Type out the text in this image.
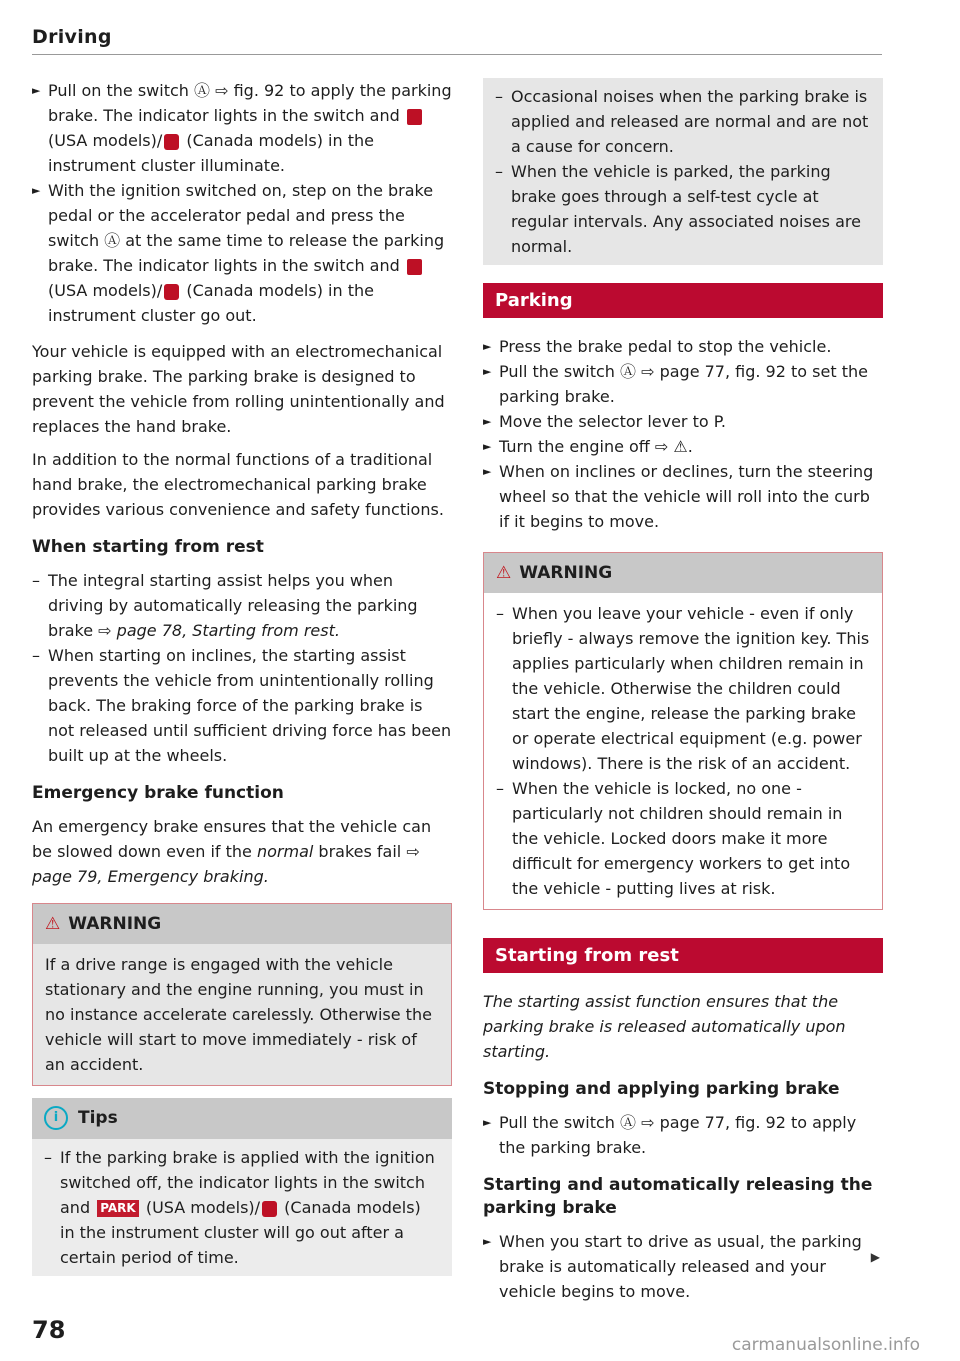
Driving

► Pull on the switch Ⓐ ⇨ fig. 92 to apply the parking brake. The indicator lights in the switch and  (USA models)/ (Canada models) in the instrument cluster illuminate.

► With the ignition switched on, step on the brake pedal or the accelerator pedal and press the switch Ⓐ at the same time to release the parking brake. The indicator lights in the switch and  (USA models)/ (Canada models) in the instrument cluster go out.

Your vehicle is equipped with an electromechanical parking brake. The parking brake is designed to prevent the vehicle from rolling unintentionally and replaces the hand brake.

In addition to the normal functions of a traditional hand brake, the electromechanical parking brake provides various convenience and safety functions.

When starting from rest

– The integral starting assist helps you when driving by automatically releasing the parking brake ⇨ page 78, Starting from rest.

– When starting on inclines, the starting assist prevents the vehicle from unintentionally rolling back. The braking force of the parking brake is not released until sufficient driving force has been built up at the wheels.

Emergency brake function

An emergency brake ensures that the vehicle can be slowed down even if the normal brakes fail ⇨ page 79, Emergency braking.

⚠ WARNING
If a drive range is engaged with the vehicle stationary and the engine running, you must in no instance accelerate carelessly. Otherwise the vehicle will start to move immediately - risk of an accident.
i Tips

– If the parking brake is applied with the ignition switched off, the indicator lights in the switch and PARK (USA models)/ (Canada models) in the instrument cluster will go out after a certain period of time.

– Occasional noises when the parking brake is applied and released are normal and are not a cause for concern.

– When the vehicle is parked, the parking brake goes through a self-test cycle at regular intervals. Any associated noises are normal.

Parking

► Press the brake pedal to stop the vehicle.

► Pull the switch Ⓐ ⇨ page 77, fig. 92 to set the parking brake.

► Move the selector lever to P.

► Turn the engine off ⇨ ⚠.

► When on inclines or declines, turn the steering wheel so that the vehicle will roll into the curb if it begins to move.

⚠ WARNING

– When you leave your vehicle - even if only briefly - always remove the ignition key. This applies particularly when children remain in the vehicle. Otherwise the children could start the engine, release the parking brake or operate electrical equipment (e.g. power windows). There is the risk of an accident.

– When the vehicle is locked, no one - particularly not children should remain in the vehicle. Locked doors make it more difficult for emergency workers to get into the vehicle - putting lives at risk.

Starting from rest

The starting assist function ensures that the parking brake is released automatically upon starting.

Stopping and applying parking brake

► Pull the switch Ⓐ ⇨ page 77, fig. 92 to apply the parking brake.

Starting and automatically releasing the parking brake

► When you start to drive as usual, the parking brake is automatically released and your vehicle begins to move.

▶
78
carmanualsonline.info
